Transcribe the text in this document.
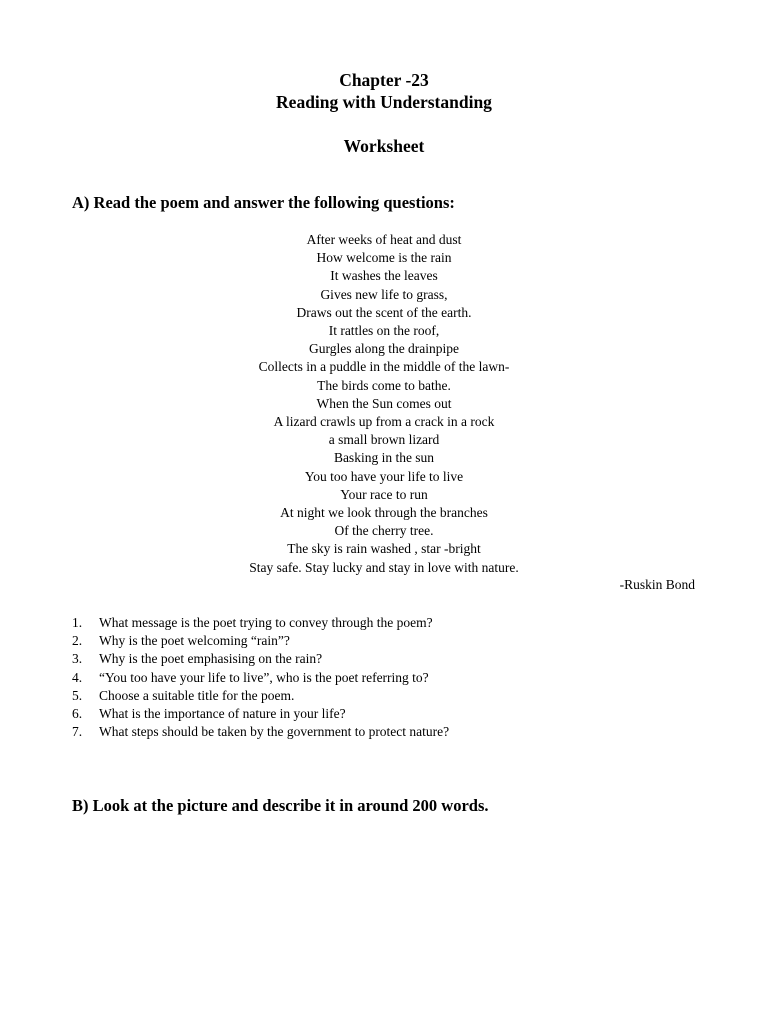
Chapter -23
Reading with Understanding
Worksheet
A) Read the poem and answer the following questions:
After weeks of heat and dust
How welcome is the rain
It washes the leaves
Gives new life to grass,
Draws out the scent of the earth.
It rattles on the roof,
Gurgles along the drainpipe
Collects in a puddle in the middle of the lawn-
The birds come to bathe.
When the Sun comes out
A lizard crawls up from a crack in a rock
a small brown lizard
Basking in the sun
You too have your life to live
Your race to run
At night we look through the branches
Of the cherry tree.
The sky is rain washed , star -bright
Stay safe. Stay lucky and stay in love with nature.
-Ruskin Bond
1. What message is the poet trying to convey through the poem?
2. Why is the poet welcoming “rain”?
3. Why is the poet emphasising on the rain?
4. “You too have your life to live”, who is the poet referring to?
5. Choose a suitable title for the poem.
6. What is the importance of nature in your life?
7. What steps should be taken by the government to protect nature?
B) Look at the picture and describe it in around 200 words.
